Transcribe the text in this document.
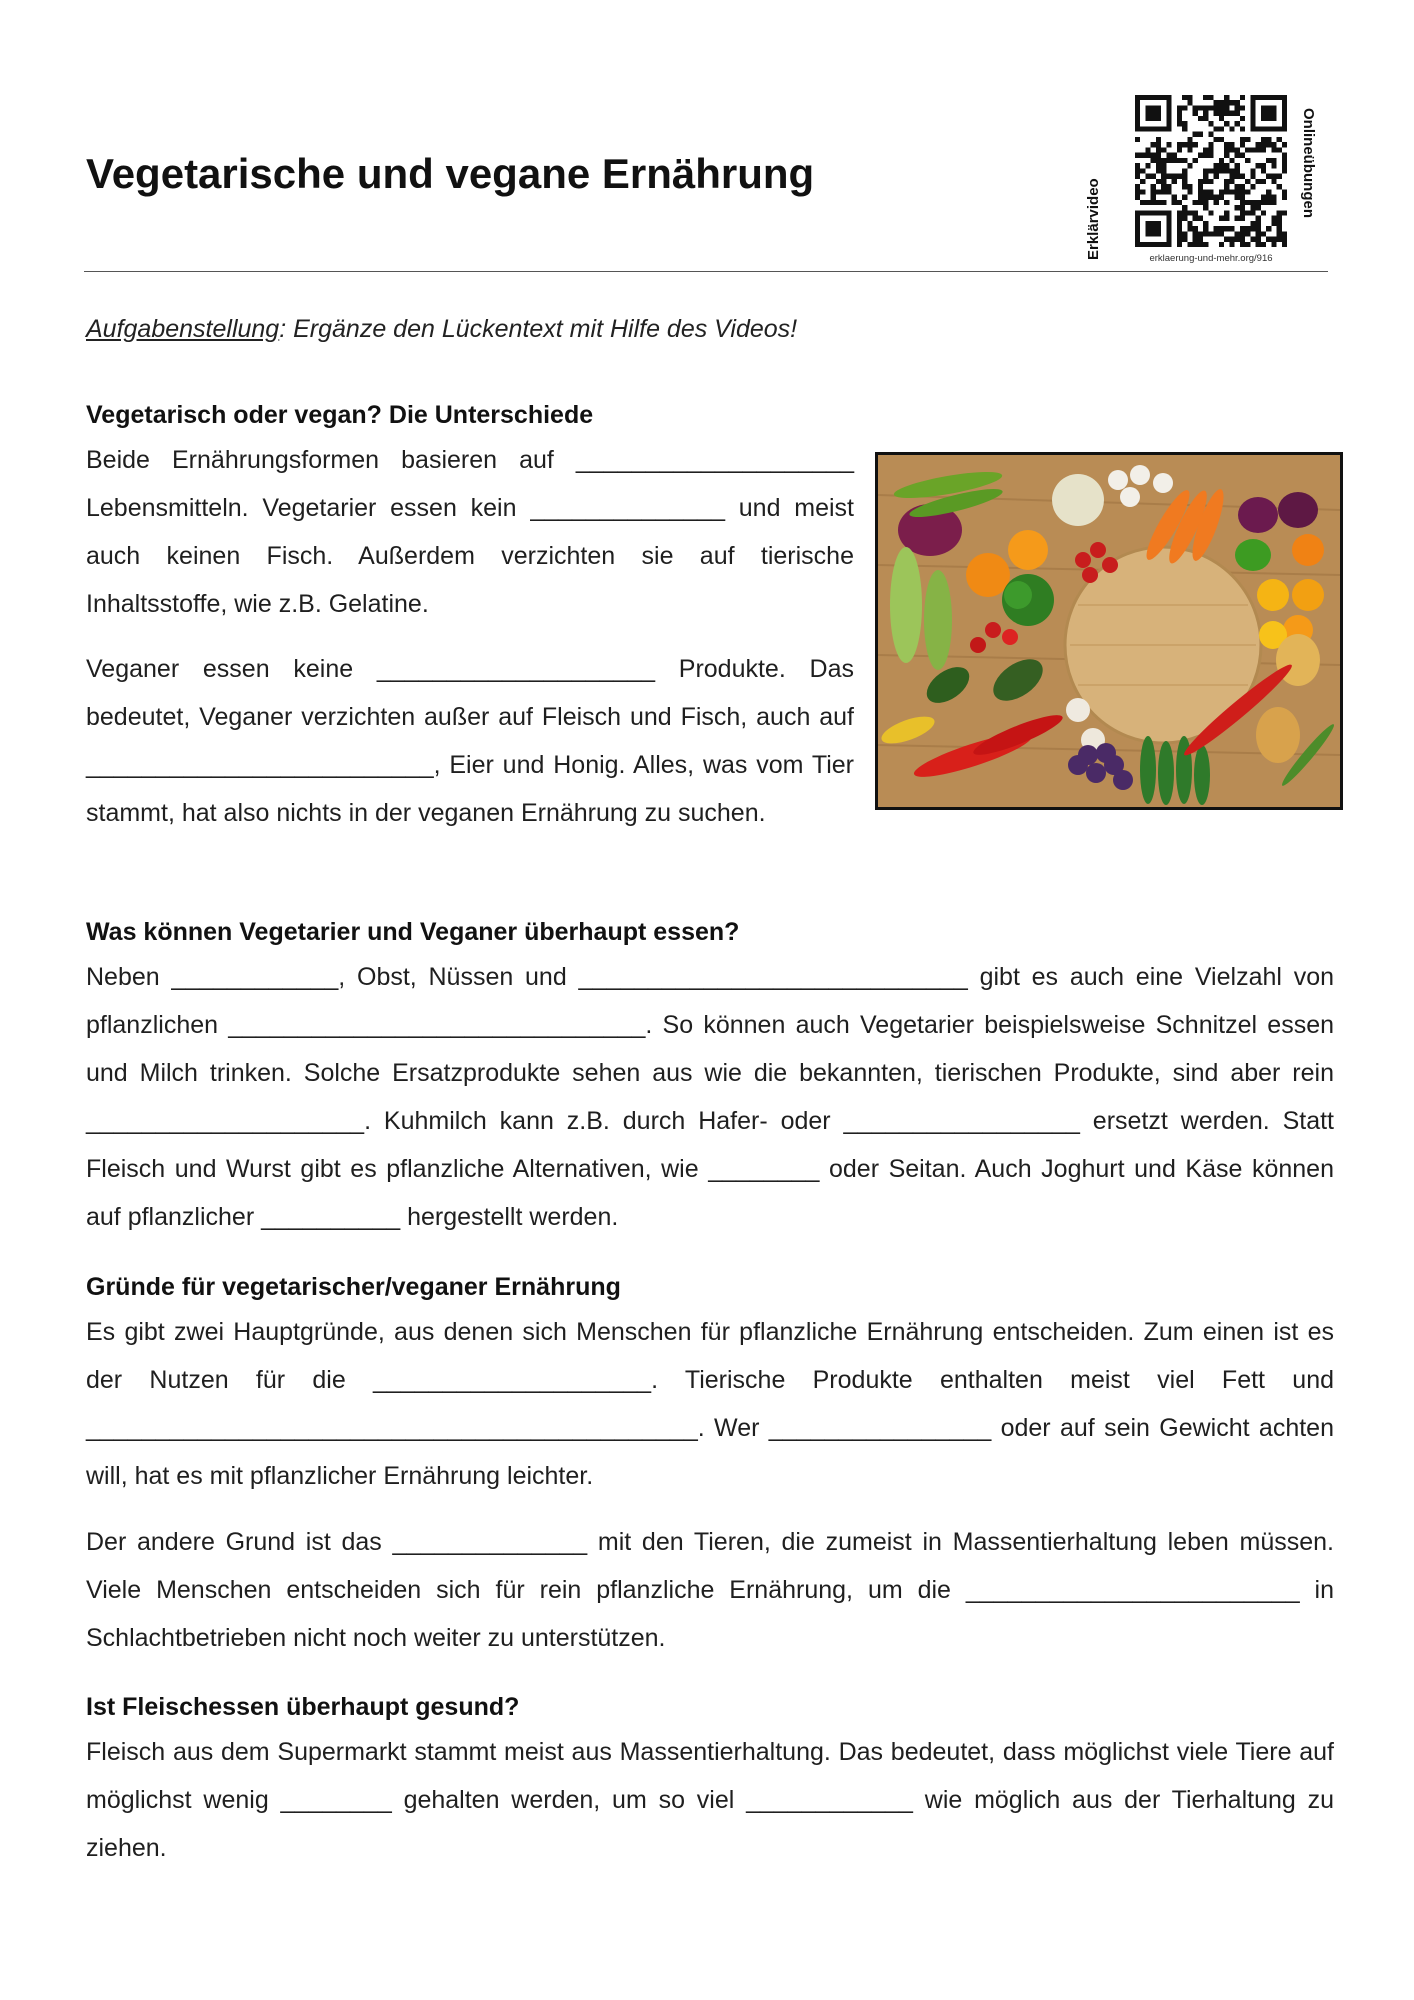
Vegetarische und vegane Ernährung
Erklärvideo
Onlineübungen
erklaerung-und-mehr.org/916

Aufgabenstellung: Ergänze den Lückentext mit Hilfe des Videos!

Vegetarisch oder vegan? Die Unterschiede

Beide Ernährungsformen basieren auf ____________________ Lebensmitteln. Vegetarier essen kein ______________ und meist auch keinen Fisch. Außerdem verzichten sie auf tierische Inhaltsstoffe, wie z.B. Gelatine.

Veganer essen keine ____________________ Produkte. Das bedeutet, Veganer verzichten außer auf Fleisch und Fisch, auch auf _________________________, Eier und Honig. Alles, was vom Tier stammt, hat also nichts in der veganen Ernährung zu suchen.

Was können Vegetarier und Veganer überhaupt essen?

Neben ____________, Obst, Nüssen und ____________________________ gibt es auch eine Vielzahl von pflanzlichen ______________________________. So können auch Vegetarier beispielsweise Schnitzel essen und Milch trinken. Solche Ersatzprodukte sehen aus wie die bekannten, tierischen Produkte, sind aber rein ____________________. Kuhmilch kann z.B. durch Hafer- oder _________________ ersetzt werden. Statt Fleisch und Wurst gibt es pflanzliche Alternativen, wie ________ oder Seitan. Auch Joghurt und Käse können auf pflanzlicher __________ hergestellt werden.

Gründe für vegetarischer/veganer Ernährung

Es gibt zwei Hauptgründe, aus denen sich Menschen für pflanzliche Ernährung entscheiden. Zum einen ist es der Nutzen für die ____________________. Tierische Produkte enthalten meist viel Fett und ____________________________________________. Wer ________________ oder auf sein Gewicht achten will, hat es mit pflanzlicher Ernährung leichter.

Der andere Grund ist das ______________ mit den Tieren, die zumeist in Massentierhaltung leben müssen. Viele Menschen entscheiden sich für rein pflanzliche Ernährung, um die ________________________ in Schlachtbetrieben nicht noch weiter zu unterstützen.

Ist Fleischessen überhaupt gesund?

Fleisch aus dem Supermarkt stammt meist aus Massentierhaltung. Das bedeutet, dass möglichst viele Tiere auf möglichst wenig ________ gehalten werden, um so viel ____________ wie möglich aus der Tierhaltung zu ziehen.
